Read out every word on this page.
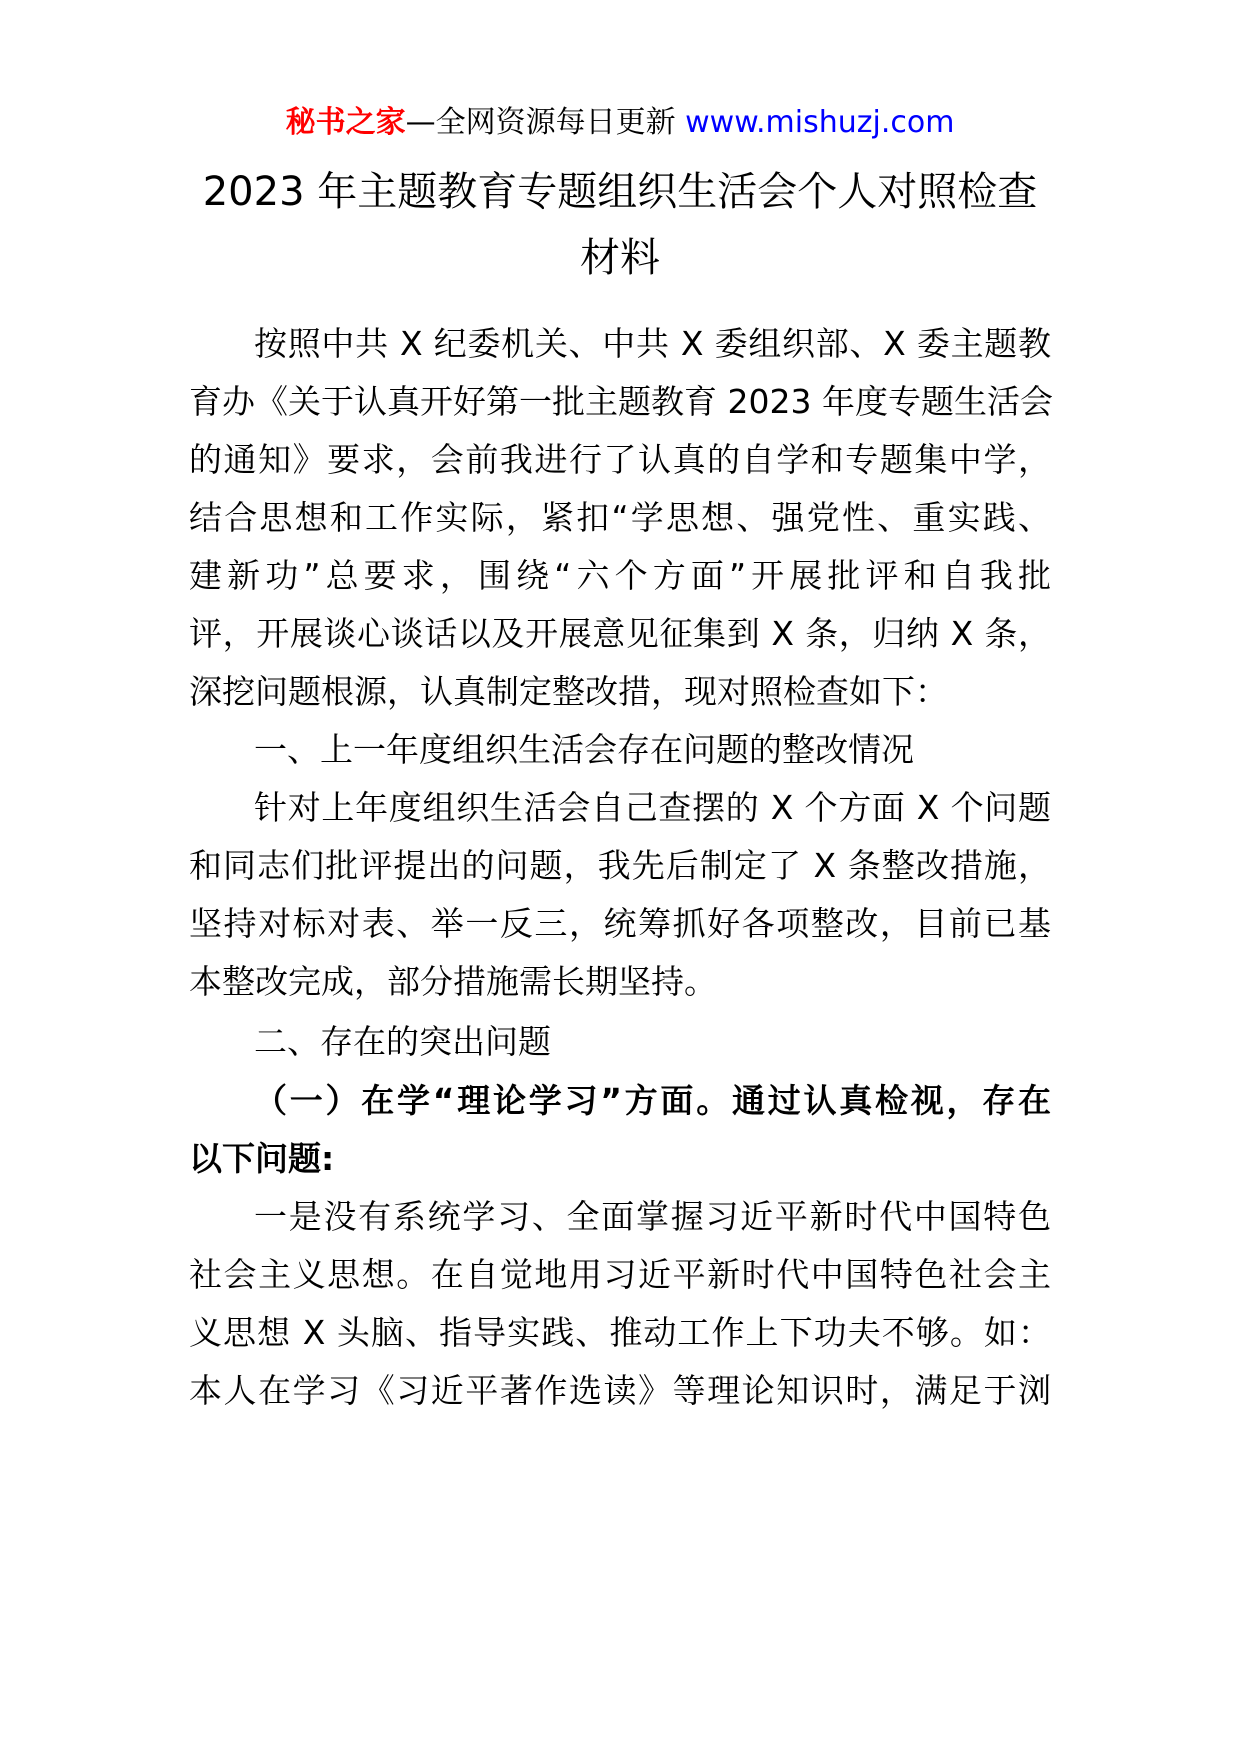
秘书之家—全网资源每日更新 www.mishuzj.com
2023 年主题教育专题组织生活会个人对照检查
材料
按照中共 X 纪委机关、中共 X 委组织部、X 委主题教
育办《关于认真开好第一批主题教育 2023 年度专题生活会
的通知》要求，会前我进行了认真的自学和专题集中学，
结合思想和工作实际，紧扣“学思想、强党性、重实践、
建新功”总要求，围绕“六个方面”开展批评和自我批
评，开展谈心谈话以及开展意见征集到 X 条，归纳 X 条，
深挖问题根源，认真制定整改措，现对照检查如下：
一、上一年度组织生活会存在问题的整改情况
针对上年度组织生活会自己查摆的 X 个方面 X 个问题
和同志们批评提出的问题，我先后制定了 X 条整改措施，
坚持对标对表、举一反三，统筹抓好各项整改，目前已基
本整改完成，部分措施需长期坚持。
二、存在的突出问题
（一）在学“理论学习”方面。通过认真检视，存在
以下问题:
一是没有系统学习、全面掌握习近平新时代中国特色
社会主义思想。在自觉地用习近平新时代中国特色社会主
义思想 X 头脑、指导实践、推动工作上下功夫不够。如：
本人在学习《习近平著作选读》等理论知识时，满足于浏
